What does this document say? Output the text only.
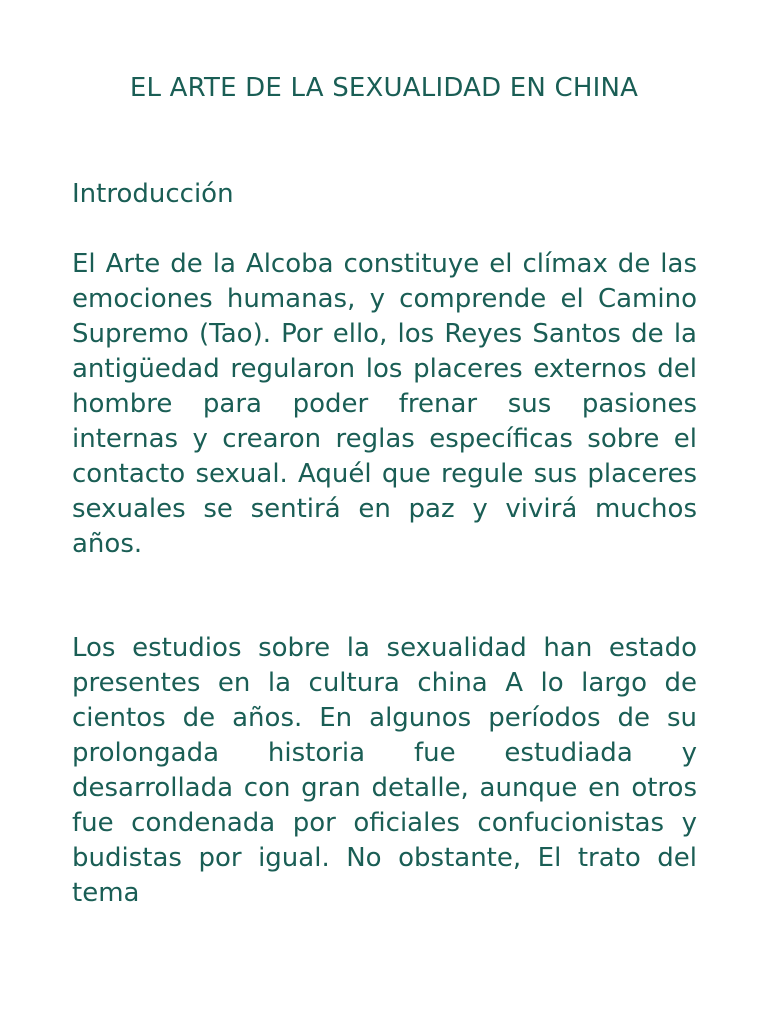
EL ARTE DE LA SEXUALIDAD EN CHINA
Introducción

El Arte de la Alcoba constituye el clímax de las emociones humanas, y comprende el Camino Supremo (Tao). Por ello, los Reyes Santos de la antigüedad regularon los placeres externos del hombre para poder frenar sus pasiones internas y crearon reglas específicas sobre el contacto sexual. Aquél que regule sus placeres sexuales se sentirá en paz y vivirá muchos años.

Los estudios sobre la sexualidad han estado presentes en la cultura china A lo largo de cientos de años. En algunos períodos de su prolongada historia fue estudiada y desarrollada con gran detalle, aunque en otros fue condenada por oficiales confucionistas y budistas por igual. No obstante, El trato del tema
